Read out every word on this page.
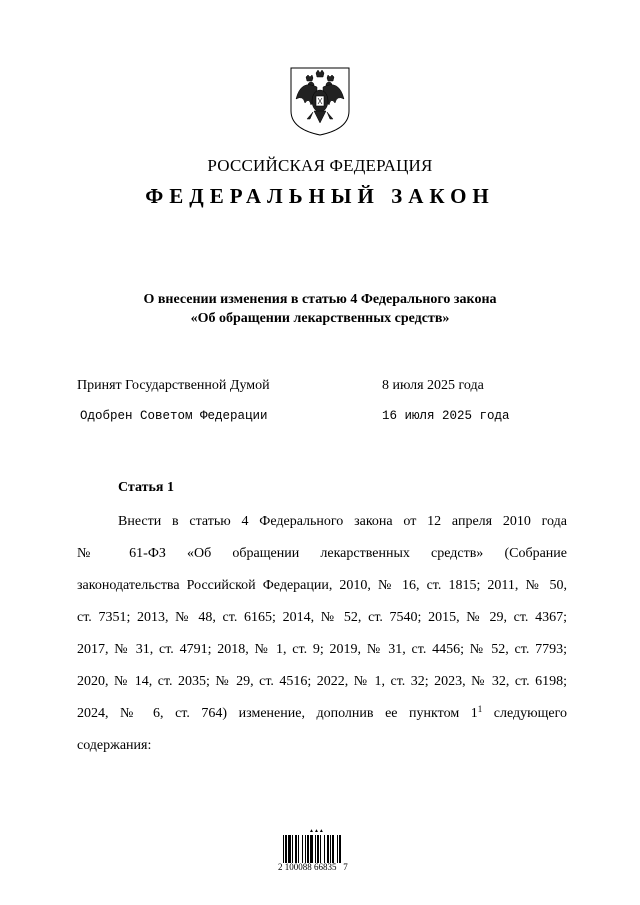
РОССИЙСКАЯ ФЕДЕРАЦИЯ
ФЕДЕРАЛЬНЫЙ ЗАКОН
О внесении изменения в статью 4 Федерального закона
«Об обращении лекарственных средств»
Принят Государственной Думой	8 июля 2025 года
Одобрен Советом Федерации	16 июля 2025 года
Статья 1
Внести в статью 4 Федерального закона от 12 апреля 2010 года
№ 61-ФЗ «Об обращении лекарственных средств» (Собрание
законодательства Российской Федерации, 2010, № 16, ст. 1815; 2011, № 50,
ст. 7351; 2013, № 48, ст. 6165; 2014, № 52, ст. 7540; 2015, № 29, ст. 4367;
2017, № 31, ст. 4791; 2018, № 1, ст. 9; 2019, № 31, ст. 4456; № 52, ст. 7793;
2020, № 14, ст. 2035; № 29, ст. 4516; 2022, № 1, ст. 32; 2023, № 32, ст. 6198;
2024, № 6, ст. 764) изменение, дополнив ее пунктом $1^1$ следующего
содержания:
▲▲▲
2 100088 66835   7
